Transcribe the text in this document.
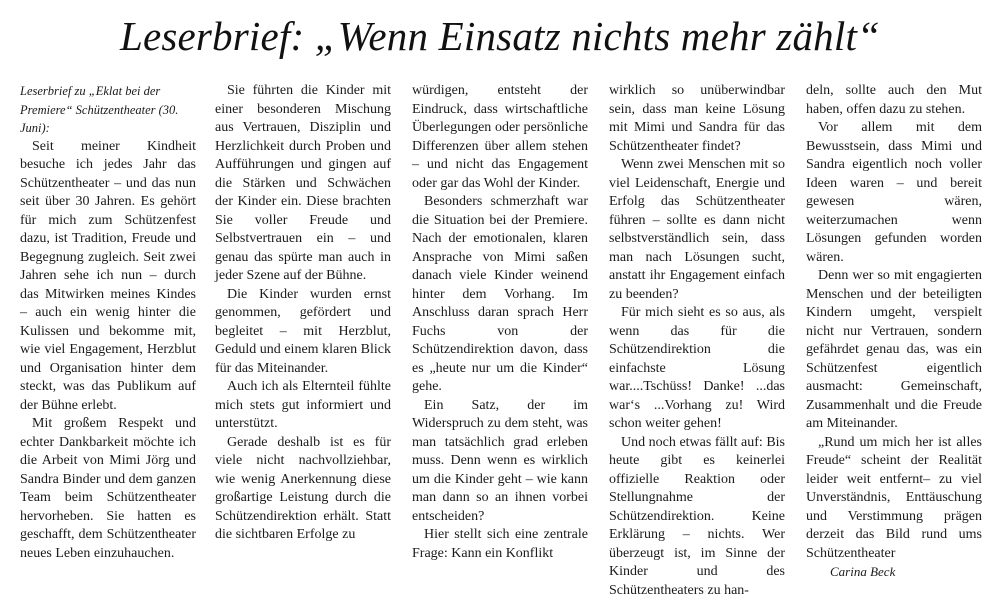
Leserbrief: „Wenn Einsatz nichts mehr zählt“

Leserbrief zu „Eklat bei der Premiere“ Schützentheater (30. Juni):

Seit meiner Kindheit besuche ich jedes Jahr das Schützentheater – und das nun seit über 30 Jahren. Es gehört für mich zum Schützenfest dazu, ist Tradition, Freude und Begegnung zugleich. Seit zwei Jahren sehe ich nun – durch das Mitwirken meines Kindes – auch ein wenig hinter die Kulissen und bekomme mit, wie viel Engagement, Herzblut und Organisation hinter dem steckt, was das Publikum auf der Bühne erlebt.

Mit großem Respekt und echter Dankbarkeit möchte ich die Arbeit von Mimi Jörg und Sandra Binder und dem ganzen Team beim Schützentheater hervorheben. Sie hatten es geschafft, dem Schützentheater neues Leben einzuhauchen.

Sie führten die Kinder mit einer besonderen Mischung aus Vertrauen, Disziplin und Herzlichkeit durch Proben und Aufführungen und gingen auf die Stärken und Schwächen der Kinder ein. Diese brachten Sie voller Freude und Selbstvertrauen ein – und genau das spürte man auch in jeder Szene auf der Bühne.

Die Kinder wurden ernst genommen, gefördert und begleitet – mit Herzblut, Geduld und einem klaren Blick für das Miteinander.

Auch ich als Elternteil fühlte mich stets gut informiert und unterstützt.

Gerade deshalb ist es für viele nicht nachvollziehbar, wie wenig Anerkennung diese großartige Leistung durch die Schützendirektion erhält. Statt die sichtbaren Erfolge zu

würdigen, entsteht der Eindruck, dass wirtschaftliche Überlegungen oder persönliche Differenzen über allem stehen – und nicht das Engagement oder gar das Wohl der Kinder.

Besonders schmerzhaft war die Situation bei der Premiere. Nach der emotionalen, klaren Ansprache von Mimi saßen danach viele Kinder weinend hinter dem Vorhang. Im Anschluss daran sprach Herr Fuchs von der Schützendirektion davon, dass es „heute nur um die Kinder“ gehe.

Ein Satz, der im Widerspruch zu dem steht, was man tatsächlich grad erleben muss. Denn wenn es wirklich um die Kinder geht – wie kann man dann so an ihnen vorbei entscheiden?

Hier stellt sich eine zentrale Frage: Kann ein Konflikt

wirklich so unüberwindbar sein, dass man keine Lösung mit Mimi und Sandra für das Schützentheater findet?

Wenn zwei Menschen mit so viel Leidenschaft, Energie und Erfolg das Schützentheater führen – sollte es dann nicht selbstverständlich sein, dass man nach Lösungen sucht, anstatt ihr Engagement einfach zu beenden?

Für mich sieht es so aus, als wenn das für die Schützendirektion die einfachste Lösung war....Tschüss! Danke! ...das war‘s ...Vorhang zu! Wird schon weiter gehen!

Und noch etwas fällt auf: Bis heute gibt es keinerlei offizielle Reaktion oder Stellungnahme der Schützendirektion. Keine Erklärung – nichts. Wer überzeugt ist, im Sinne der Kinder und des Schützentheaters zu han-

deln, sollte auch den Mut haben, offen dazu zu stehen.

Vor allem mit dem Bewusstsein, dass Mimi und Sandra eigentlich noch voller Ideen waren – und bereit gewesen wären, weiterzumachen wenn Lösungen gefunden worden wären.

Denn wer so mit engagierten Menschen und der beteiligten Kindern umgeht, verspielt nicht nur Vertrauen, sondern gefährdet genau das, was ein Schützenfest eigentlich ausmacht: Gemeinschaft, Zusammenhalt und die Freude am Miteinander.

„Rund um mich her ist alles Freude“ scheint der Realität leider weit entfernt– zu viel Unverständnis, Enttäuschung und Verstimmung prägen derzeit das Bild rund ums Schützentheater

Carina Beck
